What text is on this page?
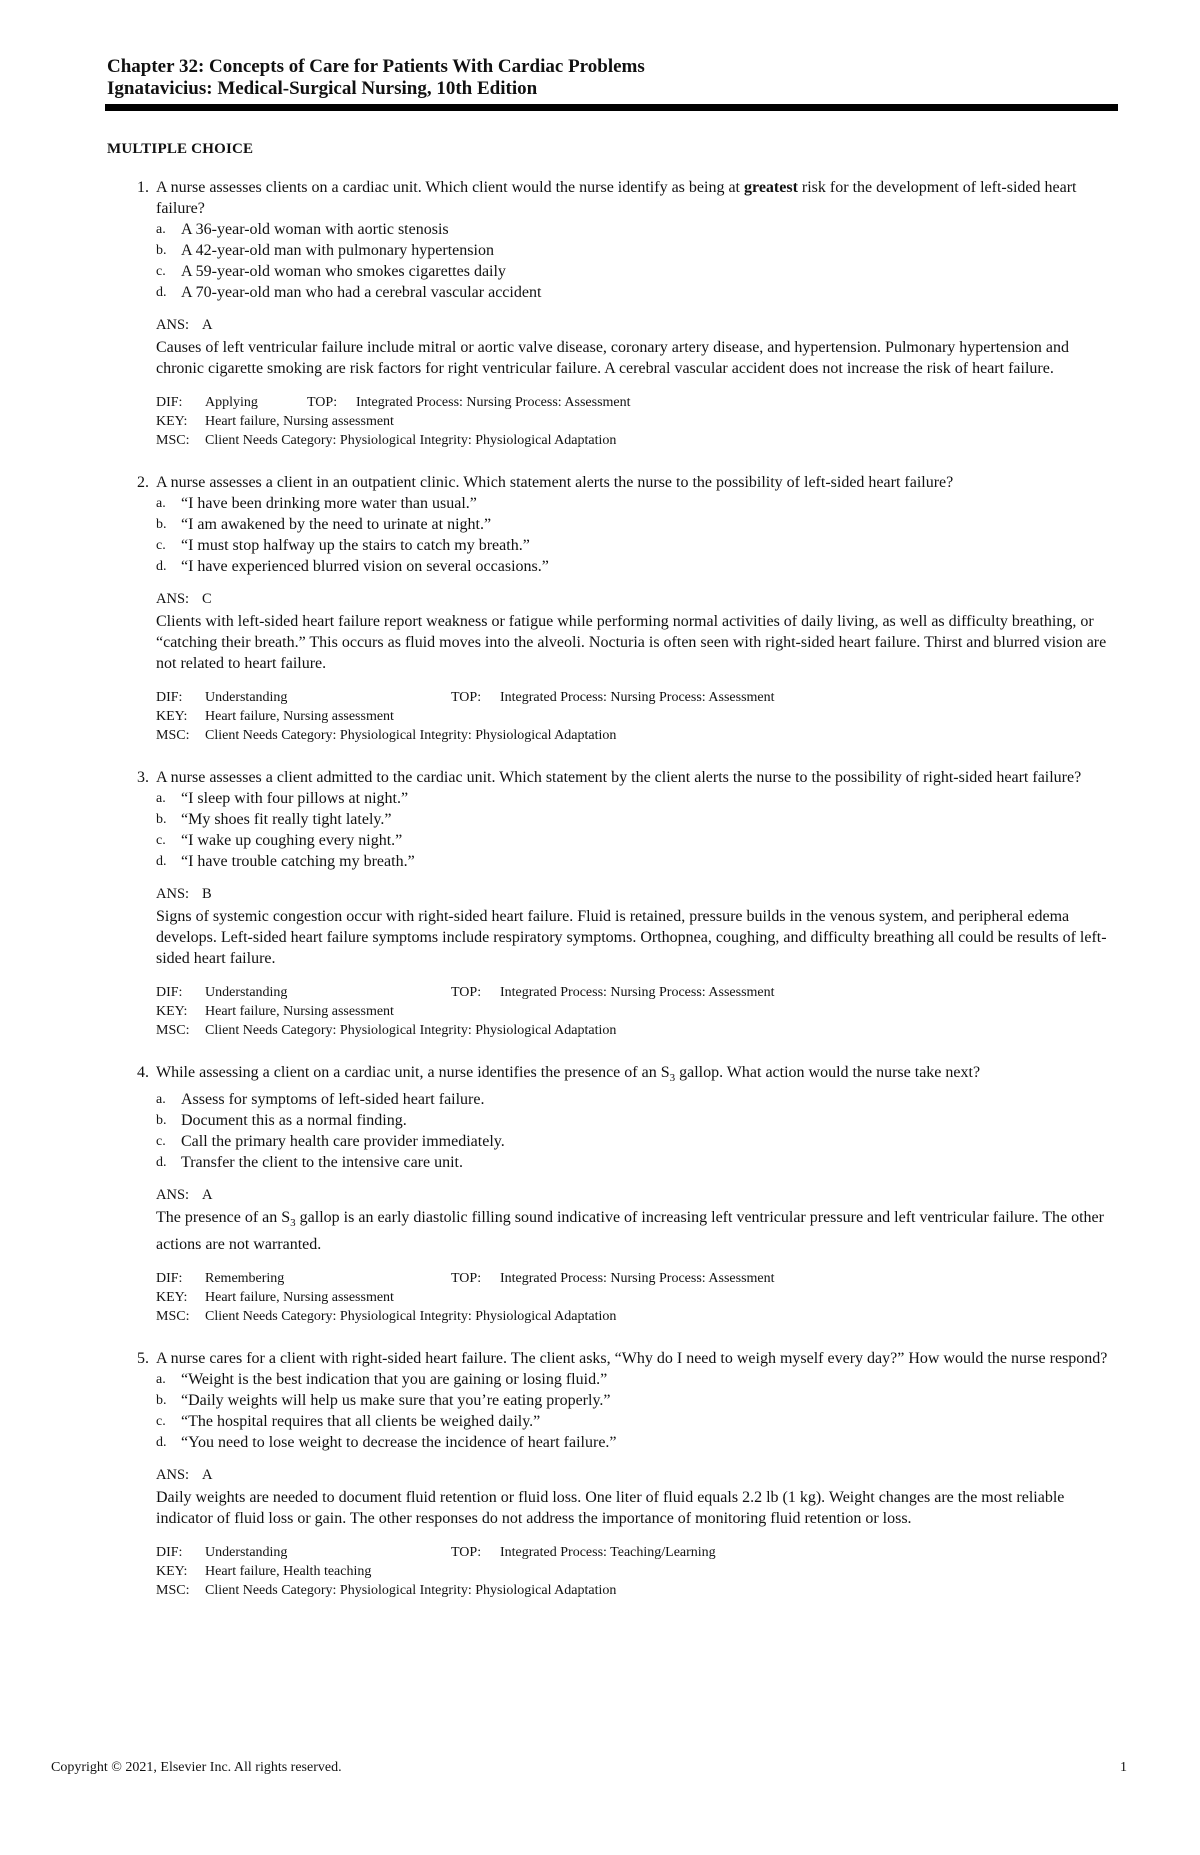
Chapter 32: Concepts of Care for Patients With Cardiac Problems
Ignatavicius: Medical-Surgical Nursing, 10th Edition
MULTIPLE CHOICE
1. A nurse assesses clients on a cardiac unit. Which client would the nurse identify as being at greatest risk for the development of left-sided heart failure?
a. A 36-year-old woman with aortic stenosis
b. A 42-year-old man with pulmonary hypertension
c. A 59-year-old woman who smokes cigarettes daily
d. A 70-year-old man who had a cerebral vascular accident
ANS: A
Causes of left ventricular failure include mitral or aortic valve disease, coronary artery disease, and hypertension. Pulmonary hypertension and chronic cigarette smoking are risk factors for right ventricular failure. A cerebral vascular accident does not increase the risk of heart failure.
DIF:	Applying	TOP:	Integrated Process: Nursing Process: Assessment
KEY:	Heart failure, Nursing assessment
MSC:	Client Needs Category: Physiological Integrity: Physiological Adaptation
2. A nurse assesses a client in an outpatient clinic. Which statement alerts the nurse to the possibility of left-sided heart failure?
a. “I have been drinking more water than usual.”
b. “I am awakened by the need to urinate at night.”
c. “I must stop halfway up the stairs to catch my breath.”
d. “I have experienced blurred vision on several occasions.”
ANS: C
Clients with left-sided heart failure report weakness or fatigue while performing normal activities of daily living, as well as difficulty breathing, or “catching their breath.” This occurs as fluid moves into the alveoli. Nocturia is often seen with right-sided heart failure. Thirst and blurred vision are not related to heart failure.
DIF:	Understanding	TOP:	Integrated Process: Nursing Process: Assessment
KEY:	Heart failure, Nursing assessment
MSC:	Client Needs Category: Physiological Integrity: Physiological Adaptation
3. A nurse assesses a client admitted to the cardiac unit. Which statement by the client alerts the nurse to the possibility of right-sided heart failure?
a. “I sleep with four pillows at night.”
b. “My shoes fit really tight lately.”
c. “I wake up coughing every night.”
d. “I have trouble catching my breath.”
ANS: B
Signs of systemic congestion occur with right-sided heart failure. Fluid is retained, pressure builds in the venous system, and peripheral edema develops. Left-sided heart failure symptoms include respiratory symptoms. Orthopnea, coughing, and difficulty breathing all could be results of left-sided heart failure.
DIF:	Understanding	TOP:	Integrated Process: Nursing Process: Assessment
KEY:	Heart failure, Nursing assessment
MSC:	Client Needs Category: Physiological Integrity: Physiological Adaptation
4. While assessing a client on a cardiac unit, a nurse identifies the presence of an $S_3$ gallop. What action would the nurse take next?
a. Assess for symptoms of left-sided heart failure.
b. Document this as a normal finding.
c. Call the primary health care provider immediately.
d. Transfer the client to the intensive care unit.
ANS: A
The presence of an $S_3$ gallop is an early diastolic filling sound indicative of increasing left ventricular pressure and left ventricular failure. The other actions are not warranted.
DIF:	Remembering	TOP:	Integrated Process: Nursing Process: Assessment
KEY:	Heart failure, Nursing assessment
MSC:	Client Needs Category: Physiological Integrity: Physiological Adaptation
5. A nurse cares for a client with right-sided heart failure. The client asks, “Why do I need to weigh myself every day?” How would the nurse respond?
a. “Weight is the best indication that you are gaining or losing fluid.”
b. “Daily weights will help us make sure that you’re eating properly.”
c. “The hospital requires that all clients be weighed daily.”
d. “You need to lose weight to decrease the incidence of heart failure.”
ANS: A
Daily weights are needed to document fluid retention or fluid loss. One liter of fluid equals 2.2 lb (1 kg). Weight changes are the most reliable indicator of fluid loss or gain. The other responses do not address the importance of monitoring fluid retention or loss.
DIF:	Understanding	TOP:	Integrated Process: Teaching/Learning
KEY:	Heart failure, Health teaching
MSC:	Client Needs Category: Physiological Integrity: Physiological Adaptation
Copyright © 2021, Elsevier Inc. All rights reserved.	1
